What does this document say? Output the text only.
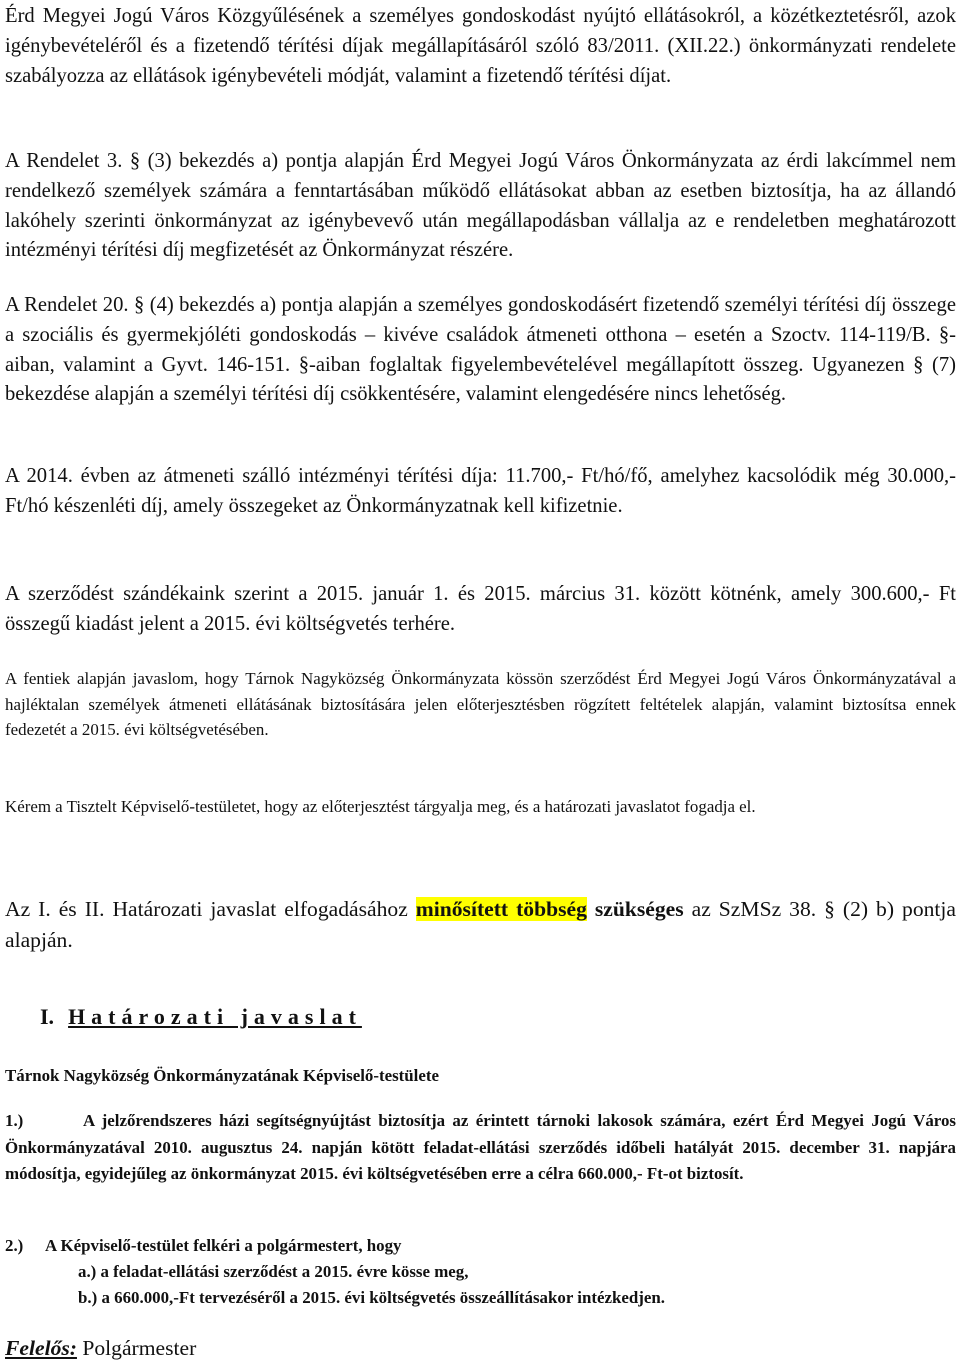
Érd Megyei Jogú Város Közgyűlésének a személyes gondoskodást nyújtó ellátásokról, a közétkeztetésről, azok igénybevételéről és a fizetendő térítési díjak megállapításáról szóló 83/2011. (XII.22.) önkormányzati rendelete szabályozza az ellátások igénybevételi módját, valamint a fizetendő térítési díjat.

A Rendelet 3. § (3) bekezdés a) pontja alapján Érd Megyei Jogú Város Önkormányzata az érdi lakcímmel nem rendelkező személyek számára a fenntartásában működő ellátásokat abban az esetben biztosítja, ha az állandó lakóhely szerinti önkormányzat az igénybevevő után megállapodásban vállalja az e rendeletben meghatározott intézményi térítési díj megfizetését az Önkormányzat részére.

A Rendelet 20. § (4) bekezdés a) pontja alapján a személyes gondoskodásért fizetendő személyi térítési díj összege a szociális és gyermekjóléti gondoskodás – kivéve családok átmeneti otthona – esetén a Szoctv. 114-119/B. §-aiban, valamint a Gyvt. 146-151. §-aiban foglaltak figyelembevételével megállapított összeg. Ugyanezen § (7) bekezdése alapján a személyi térítési díj csökkentésére, valamint elengedésére nincs lehetőség.

A 2014. évben az átmeneti szálló intézményi térítési díja: 11.700,- Ft/hó/fő, amelyhez kacsolódik még 30.000,- Ft/hó készenléti díj, amely összegeket az Önkormányzatnak kell kifizetnie.

A szerződést szándékaink szerint a 2015. január 1. és 2015. március 31. között kötnénk, amely 300.600,- Ft összegű kiadást jelent a 2015. évi költségvetés terhére.

A fentiek alapján javaslom, hogy Tárnok Nagyközség Önkormányzata kössön szerződést Érd Megyei Jogú Város Önkormányzatával a hajléktalan személyek átmeneti ellátásának biztosítására jelen előterjesztésben rögzített feltételek alapján, valamint biztosítsa ennek fedezetét a 2015. évi költségvetésében.

Kérem a Tisztelt Képviselő-testületet, hogy az előterjesztést tárgyalja meg, és a határozati javaslatot fogadja el.

Az I. és II. Határozati javaslat elfogadásához minősített többség szükséges az SzMSz 38. § (2) b) pontja alapján.

I. Határozati javaslat
Tárnok Nagyközség Önkormányzatának Képviselő-testülete
1.)	A jelzőrendszeres házi segítségnyújtást biztosítja az érintett tárnoki lakosok számára, ezért Érd Megyei Jogú Város Önkormányzatával 2010. augusztus 24. napján kötött feladat-ellátási szerződés időbeli hatályát 2015. december 31. napjára módosítja, egyidejűleg az önkormányzat 2015. évi költségvetésében erre a célra 660.000,- Ft-ot biztosít.
2.) A Képviselő-testület felkéri a polgármestert, hogy
a.) a feladat-ellátási szerződést a 2015. évre kösse meg,
b.) a 660.000,-Ft tervezéséről a 2015. évi költségvetés összeállításakor intézkedjen.
Felelős: Polgármester
